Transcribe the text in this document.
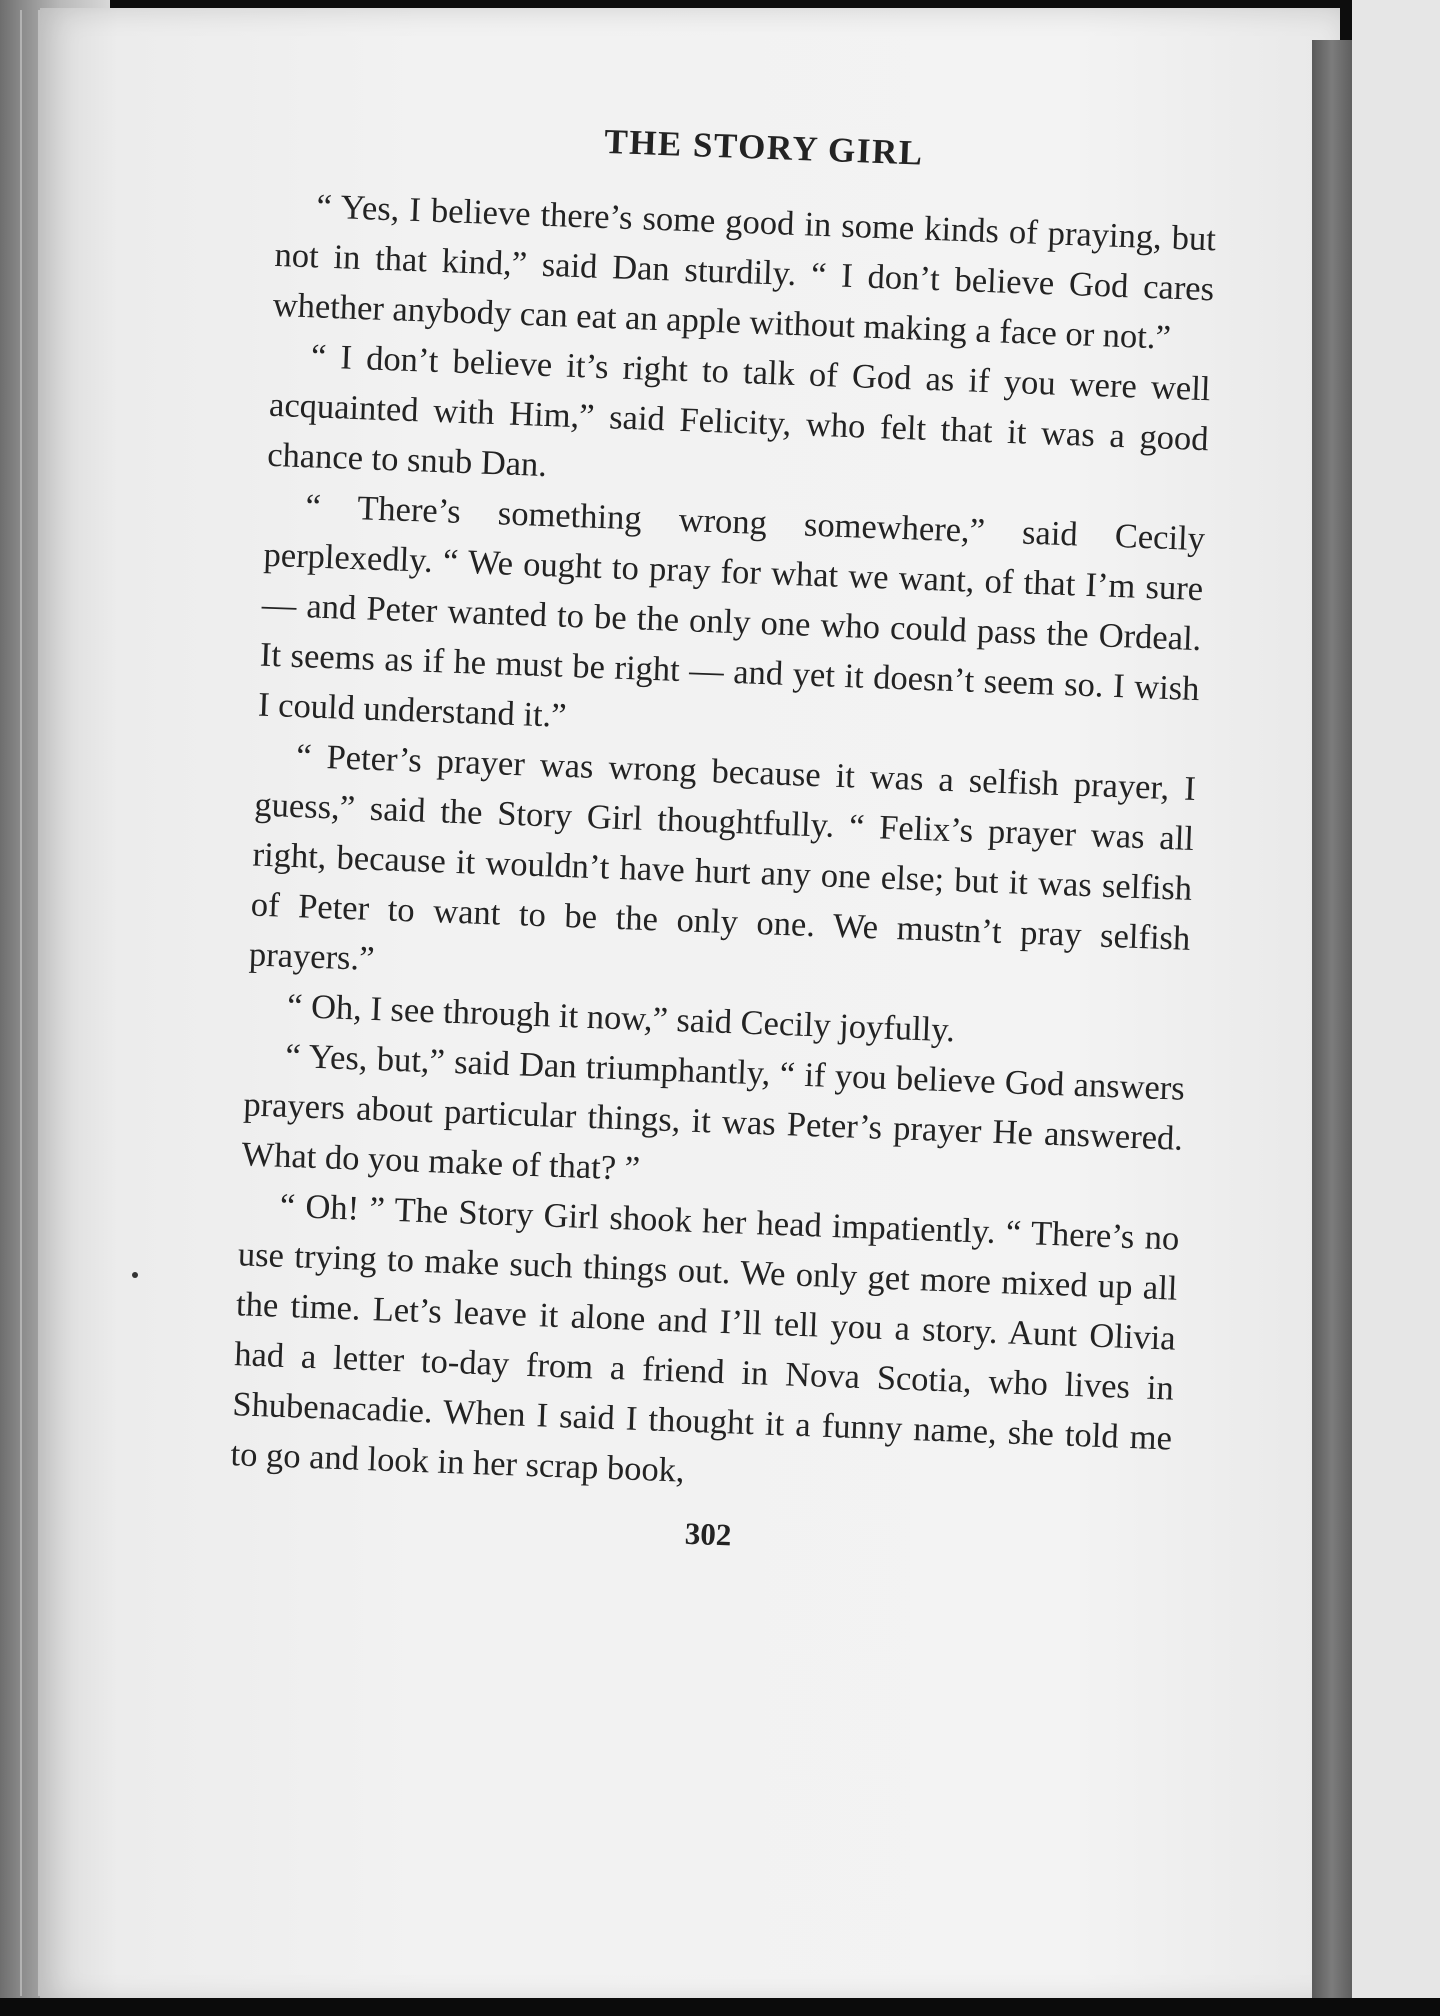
THE STORY GIRL

“ Yes, I believe there’s some good in some kinds of praying, but not in that kind,” said Dan sturdily. “ I don’t believe God cares whether anybody can eat an apple without making a face or not.”

“ I don’t believe it’s right to talk of God as if you were well acquainted with Him,” said Felicity, who felt that it was a good chance to snub Dan.

“ There’s something wrong somewhere,” said Cecily perplexedly. “ We ought to pray for what we want, of that I’m sure — and Peter wanted to be the only one who could pass the Ordeal. It seems as if he must be right — and yet it doesn’t seem so. I wish I could understand it.”

“ Peter’s prayer was wrong because it was a selfish prayer, I guess,” said the Story Girl thoughtfully. “ Felix’s prayer was all right, because it wouldn’t have hurt any one else; but it was selfish of Peter to want to be the only one. We mustn’t pray selfish prayers.”

“ Oh, I see through it now,” said Cecily joyfully.

“ Yes, but,” said Dan triumphantly, “ if you believe God answers prayers about particular things, it was Peter’s prayer He answered. What do you make of that? ”

“ Oh! ” The Story Girl shook her head impatiently. “ There’s no use trying to make such things out. We only get more mixed up all the time. Let’s leave it alone and I’ll tell you a story. Aunt Olivia had a letter to-day from a friend in Nova Scotia, who lives in Shubenacadie. When I said I thought it a funny name, she told me to go and look in her scrap book,

302
